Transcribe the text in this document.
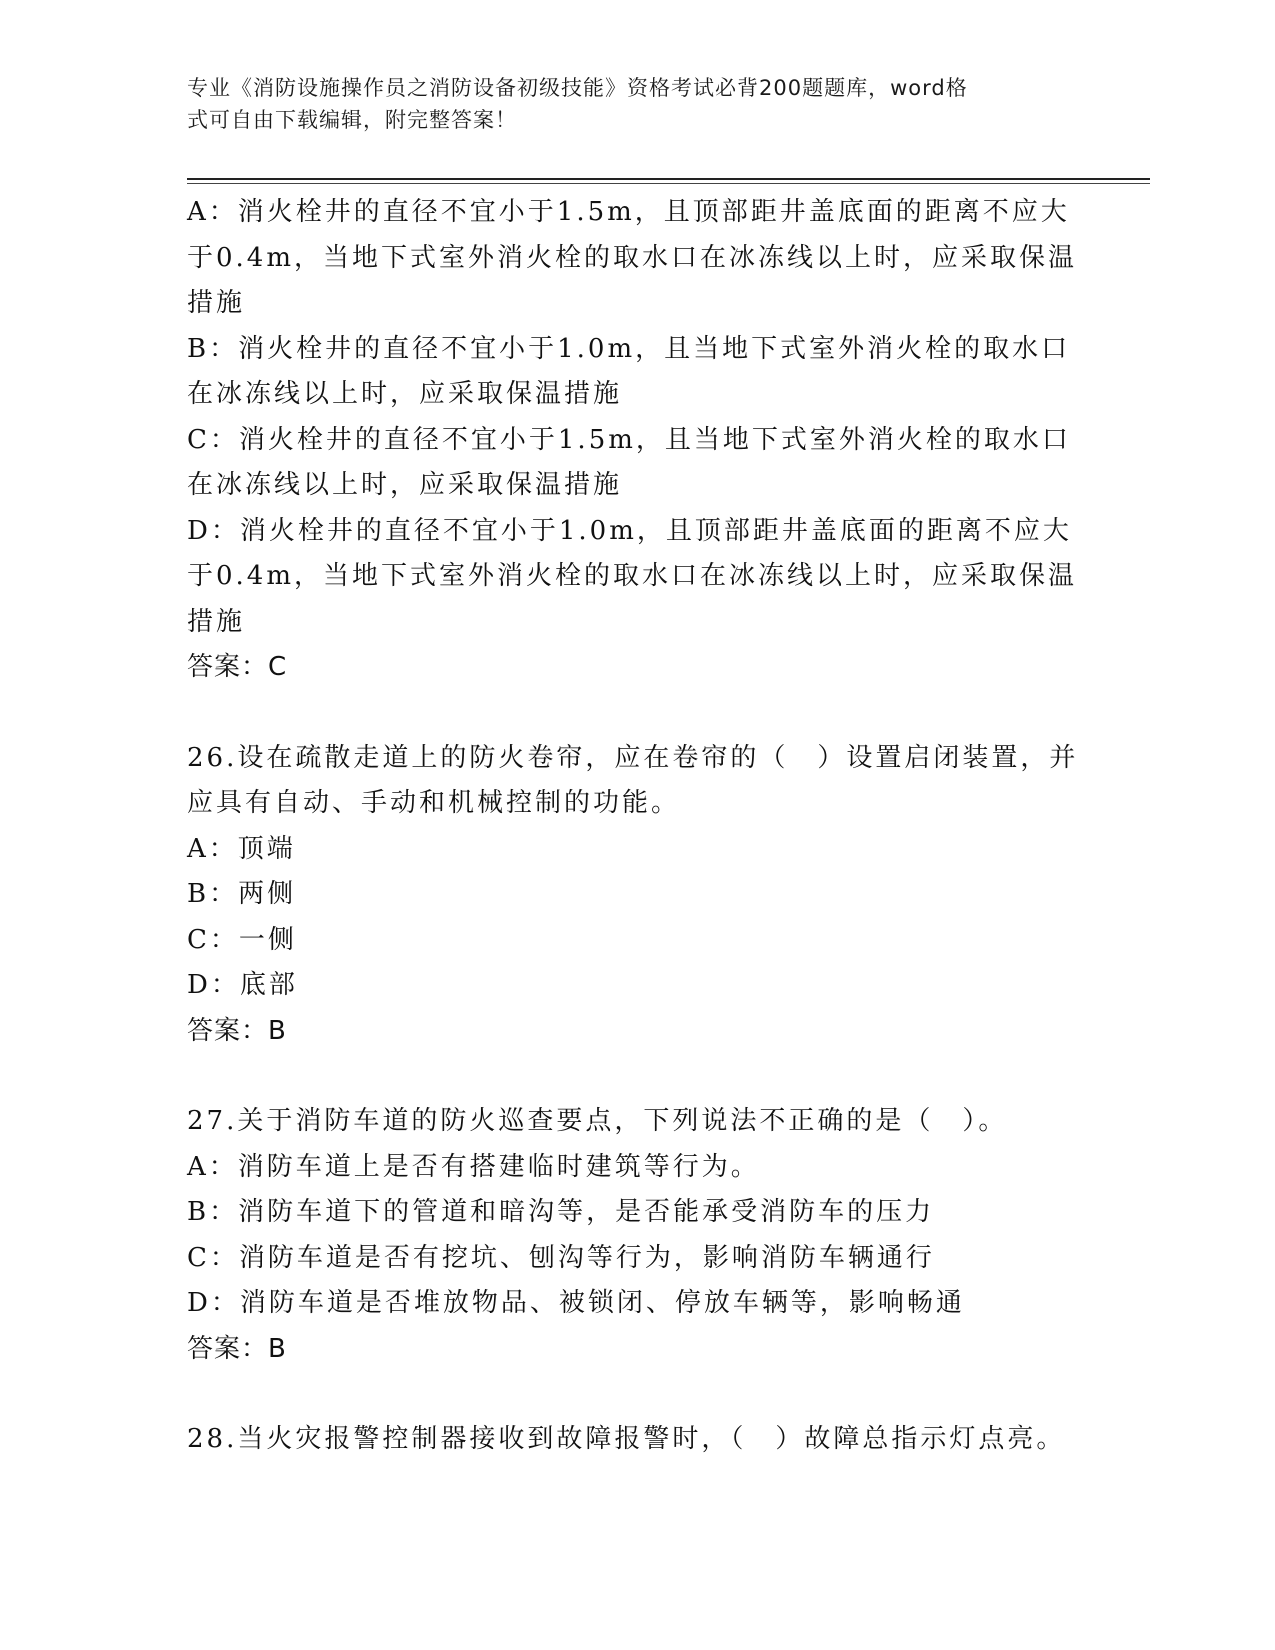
专业《消防设施操作员之消防设备初级技能》资格考试必背200题题库，word格
式可自由下载编辑，附完整答案！
A：消火栓井的直径不宜小于1.5m，且顶部距井盖底面的距离不应大于0.4m，当地下式室外消火栓的取水口在冰冻线以上时，应采取保温措施
B：消火栓井的直径不宜小于1.0m，且当地下式室外消火栓的取水口在冰冻线以上时，应采取保温措施
C：消火栓井的直径不宜小于1.5m，且当地下式室外消火栓的取水口在冰冻线以上时，应采取保温措施
D：消火栓井的直径不宜小于1.0m，且顶部距井盖底面的距离不应大于0.4m，当地下式室外消火栓的取水口在冰冻线以上时，应采取保温措施
答案：C
26.设在疏散走道上的防火卷帘，应在卷帘的（　）设置启闭装置，并应具有自动、手动和机械控制的功能。
A：顶端
B：两侧
C：一侧
D：底部
答案：B
27.关于消防车道的防火巡查要点，下列说法不正确的是（　）。
A：消防车道上是否有搭建临时建筑等行为。
B：消防车道下的管道和暗沟等，是否能承受消防车的压力
C：消防车道是否有挖坑、刨沟等行为，影响消防车辆通行
D：消防车道是否堆放物品、被锁闭、停放车辆等，影响畅通
答案：B
28.当火灾报警控制器接收到故障报警时，（　）故障总指示灯点亮。
